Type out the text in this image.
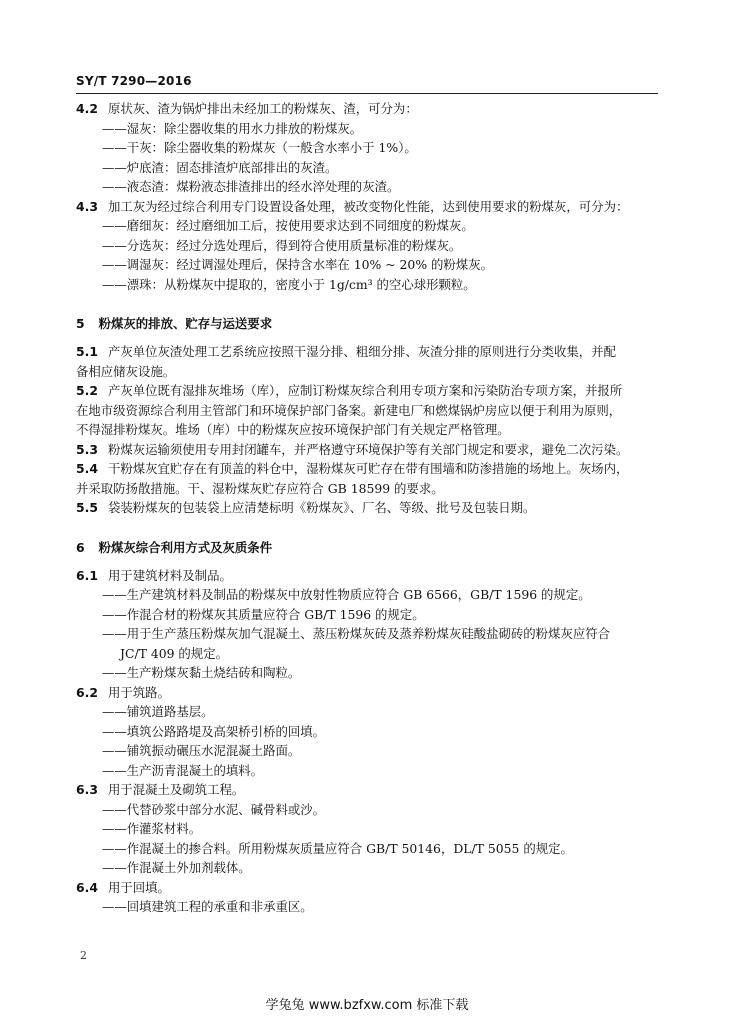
SY/T 7290—2016
4.2 原状灰、渣为锅炉排出未经加工的粉煤灰、渣，可分为：
——湿灰：除尘器收集的用水力排放的粉煤灰。
——干灰：除尘器收集的粉煤灰（一般含水率小于 1%）。
——炉底渣：固态排渣炉底部排出的灰渣。
——液态渣：煤粉液态排渣排出的经水淬处理的灰渣。
4.3 加工灰为经过综合利用专门设置设备处理，被改变物化性能，达到使用要求的粉煤灰，可分为：
——磨细灰：经过磨细加工后，按使用要求达到不同细度的粉煤灰。
——分选灰：经过分选处理后，得到符合使用质量标准的粉煤灰。
——调湿灰：经过调湿处理后，保持含水率在 10% ~ 20% 的粉煤灰。
——漂珠：从粉煤灰中提取的，密度小于 1g/cm³ 的空心球形颗粒。
5 粉煤灰的排放、贮存与运送要求
5.1 产灰单位灰渣处理工艺系统应按照干湿分排、粗细分排、灰渣分排的原则进行分类收集，并配
备相应储灰设施。
5.2 产灰单位既有湿排灰堆场（库），应制订粉煤灰综合利用专项方案和污染防治专项方案，并报所
在地市级资源综合利用主管部门和环境保护部门备案。新建电厂和燃煤锅炉房应以便于利用为原则，
不得湿排粉煤灰。堆场（库）中的粉煤灰应按环境保护部门有关规定严格管理。
5.3 粉煤灰运输须使用专用封闭罐车，并严格遵守环境保护等有关部门规定和要求，避免二次污染。
5.4 干粉煤灰宜贮存在有顶盖的料仓中，湿粉煤灰可贮存在带有围墙和防渗措施的场地上。灰场内，
并采取防扬散措施。干、湿粉煤灰贮存应符合 GB 18599 的要求。
5.5 袋装粉煤灰的包装袋上应清楚标明《粉煤灰》、厂名、等级、批号及包装日期。
6 粉煤灰综合利用方式及灰质条件
6.1 用于建筑材料及制品。
——生产建筑材料及制品的粉煤灰中放射性物质应符合 GB 6566，GB/T 1596 的规定。
——作混合材的粉煤灰其质量应符合 GB/T 1596 的规定。
——用于生产蒸压粉煤灰加气混凝土、蒸压粉煤灰砖及蒸养粉煤灰硅酸盐砌砖的粉煤灰应符合
JC/T 409 的规定。
——生产粉煤灰黏土烧结砖和陶粒。
6.2 用于筑路。
——铺筑道路基层。
——填筑公路路堤及高架桥引桥的回填。
——铺筑振动碾压水泥混凝土路面。
——生产沥青混凝土的填料。
6.3 用于混凝土及砌筑工程。
——代替砂浆中部分水泥、碱骨料或沙。
——作灌浆材料。
——作混凝土的掺合料。所用粉煤灰质量应符合 GB/T 50146，DL/T 5055 的规定。
——作混凝土外加剂载体。
6.4 用于回填。
——回填建筑工程的承重和非承重区。
2
学兔兔 www.bzfxw.com 标准下载
